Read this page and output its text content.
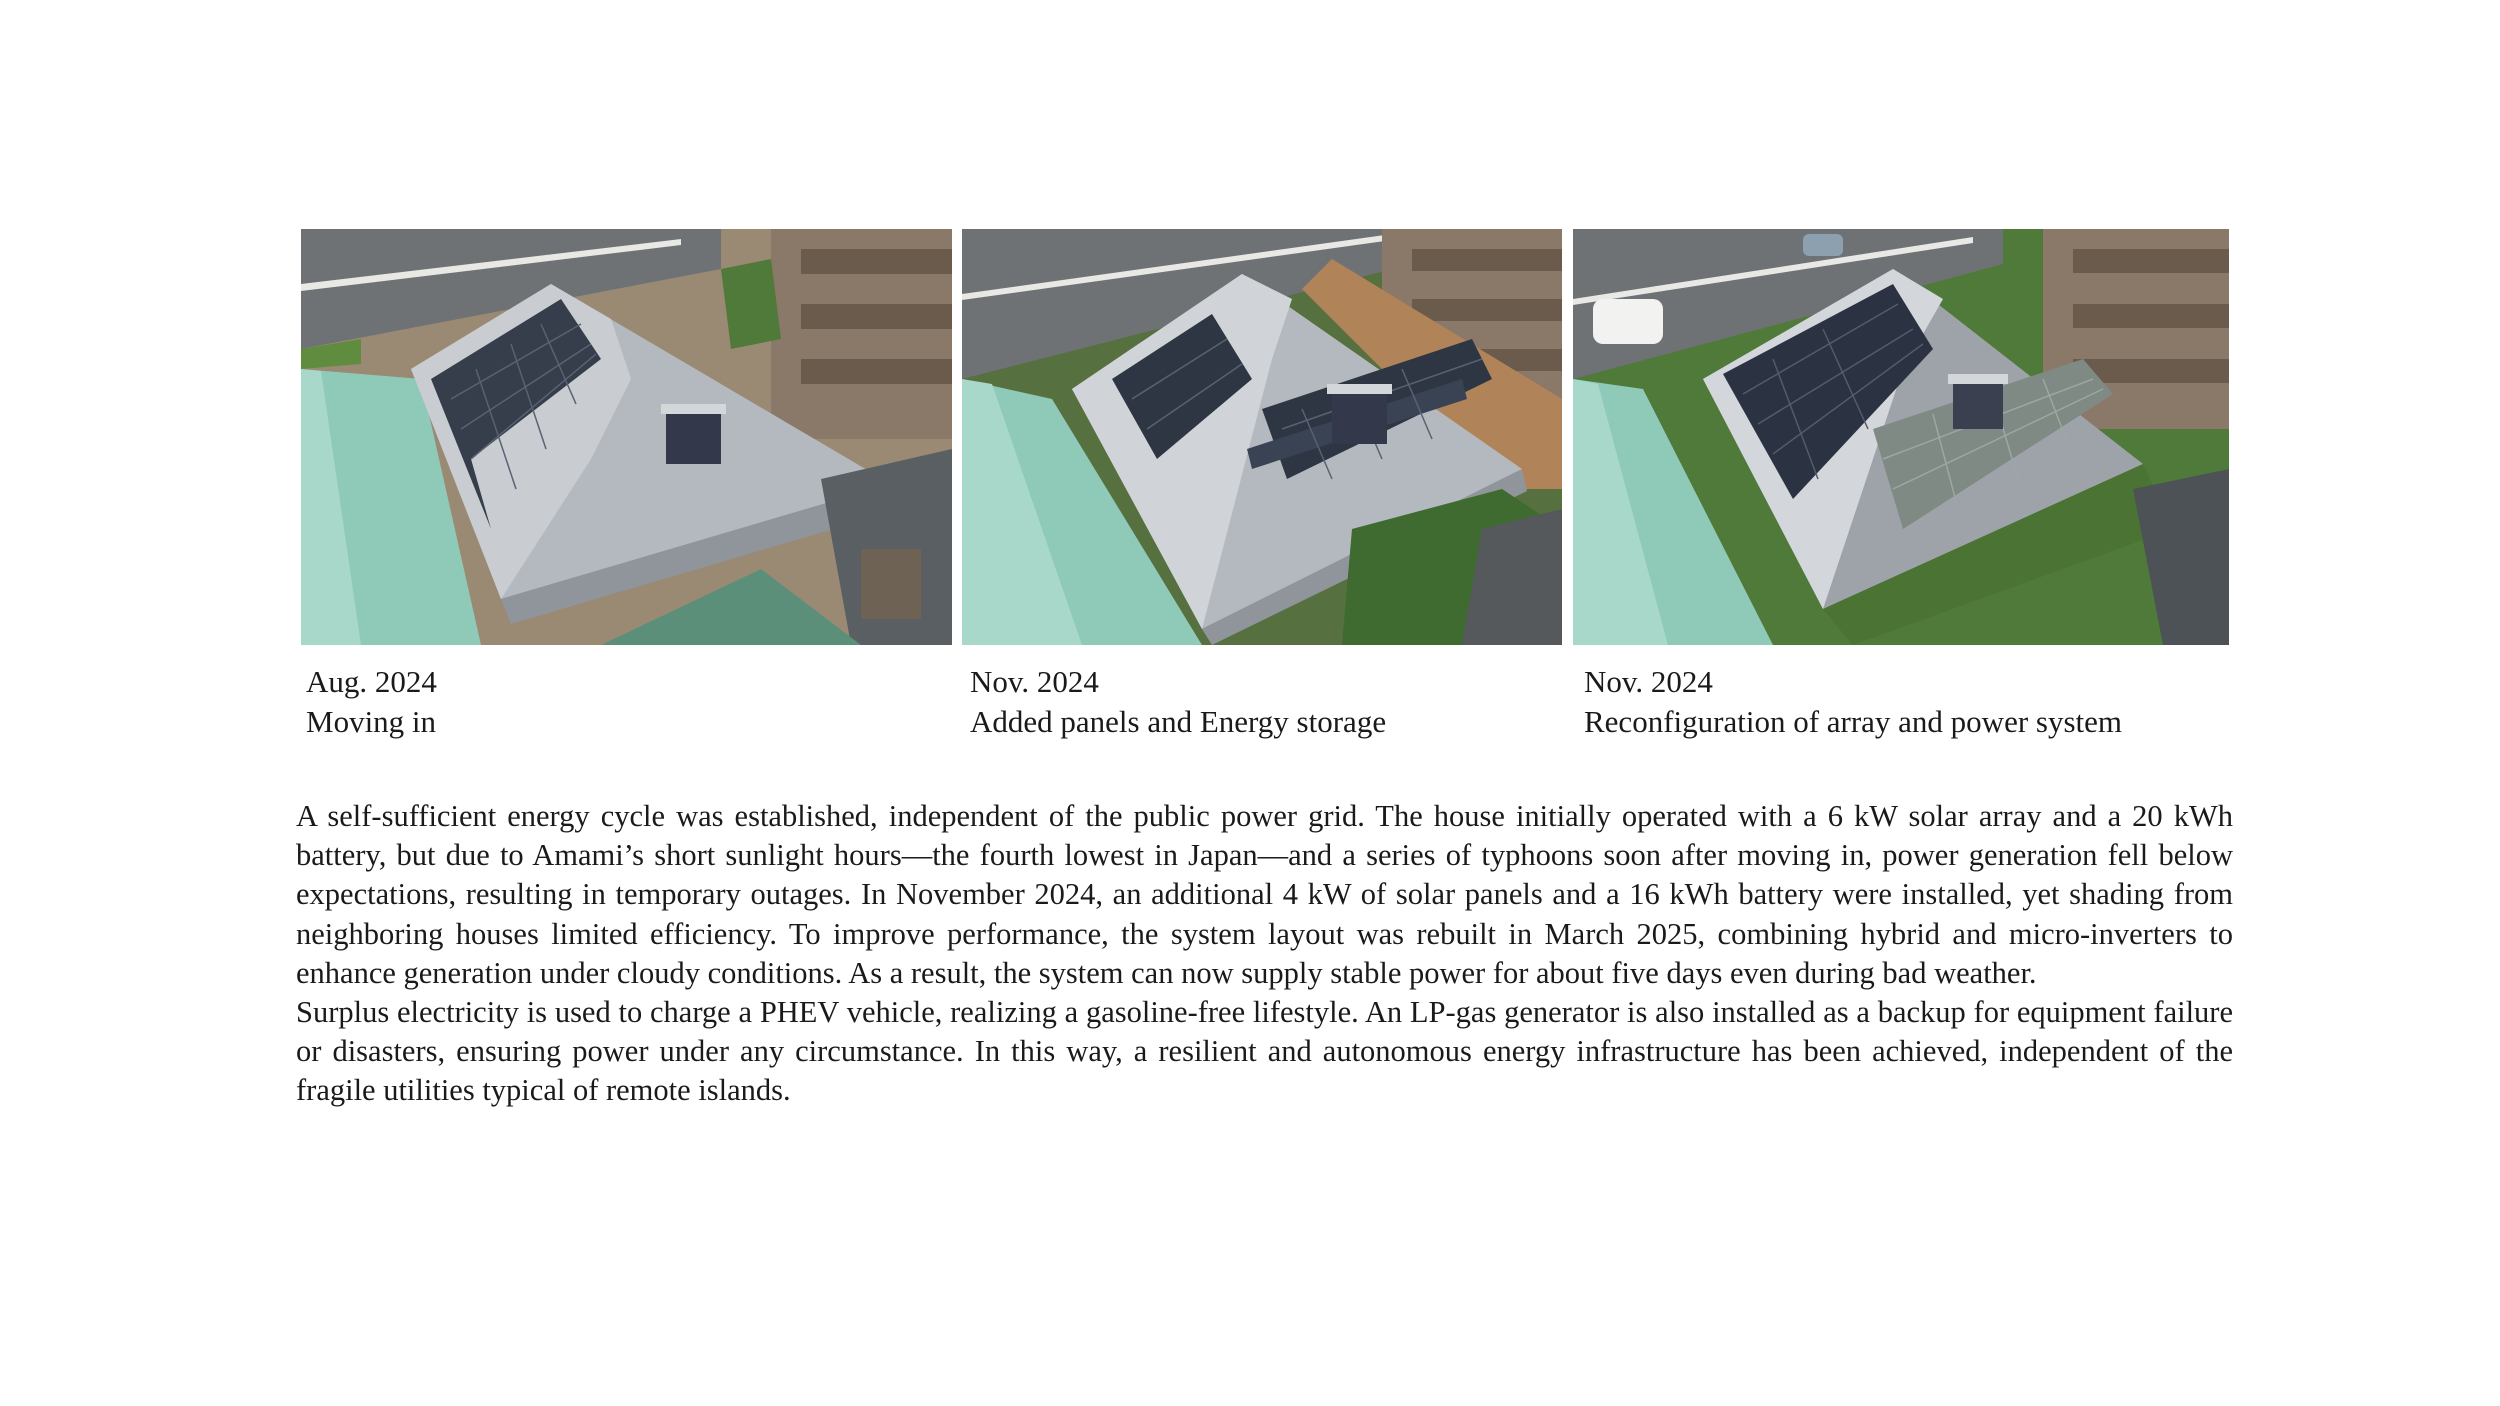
Aug. 2024
Moving in
Nov. 2024
Added panels and Energy storage
Nov. 2024
Reconfiguration of array and power system

A self-sufficient energy cycle was established, independent of the public power grid. The house initially operated with a 6 kW solar array and a 20 kWh battery, but due to Amami’s short sunlight hours—the fourth lowest in Japan—and a series of typhoons soon after moving in, power generation fell below expectations, resulting in temporary outages. In November 2024, an additional 4 kW of solar panels and a 16 kWh battery were installed, yet shading from neighboring houses limited efficiency. To improve performance, the system layout was rebuilt in March 2025, combining hybrid and micro-inverters to enhance generation under cloudy conditions. As a result, the system can now supply stable power for about five days even during bad weather.

Surplus electricity is used to charge a PHEV vehicle, realizing a gasoline-free lifestyle. An LP-gas generator is also installed as a backup for equipment failure or disasters, ensuring power under any circumstance. In this way, a resilient and autonomous energy infrastructure has been achieved, independent of the fragile utilities typical of remote islands.
